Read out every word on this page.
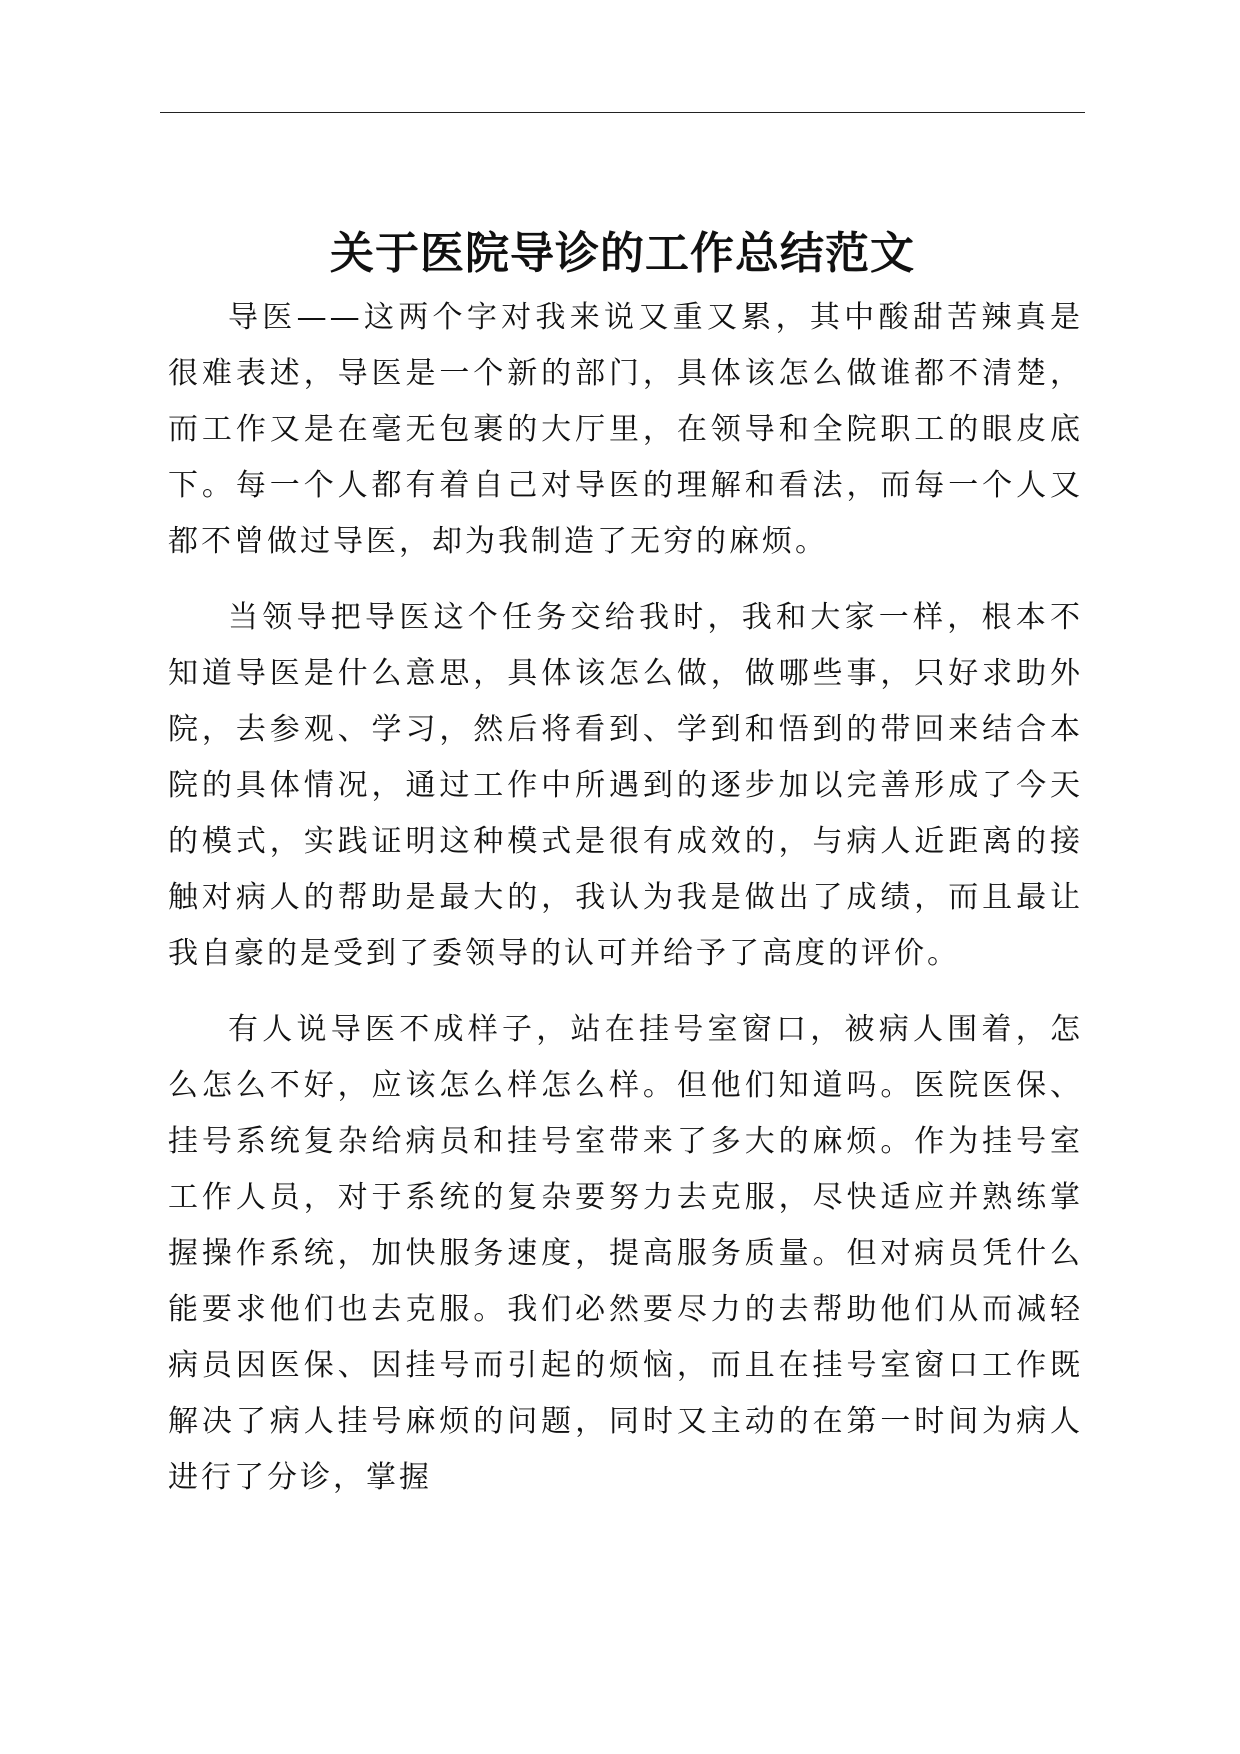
关于医院导诊的工作总结范文

导医——这两个字对我来说又重又累，其中酸甜苦辣真是很难表述，导医是一个新的部门，具体该怎么做谁都不清楚，而工作又是在毫无包裹的大厅里，在领导和全院职工的眼皮底下。每一个人都有着自己对导医的理解和看法，而每一个人又都不曾做过导医，却为我制造了无穷的麻烦。

当领导把导医这个任务交给我时，我和大家一样，根本不知道导医是什么意思，具体该怎么做，做哪些事，只好求助外院，去参观、学习，然后将看到、学到和悟到的带回来结合本院的具体情况，通过工作中所遇到的逐步加以完善形成了今天的模式，实践证明这种模式是很有成效的，与病人近距离的接触对病人的帮助是最大的，我认为我是做出了成绩，而且最让我自豪的是受到了委领导的认可并给予了高度的评价。

有人说导医不成样子，站在挂号室窗口，被病人围着，怎么怎么不好，应该怎么样怎么样。但他们知道吗。医院医保、挂号系统复杂给病员和挂号室带来了多大的麻烦。作为挂号室工作人员，对于系统的复杂要努力去克服，尽快适应并熟练掌握操作系统，加快服务速度，提高服务质量。但对病员凭什么能要求他们也去克服。我们必然要尽力的去帮助他们从而减轻病员因医保、因挂号而引起的烦恼，而且在挂号室窗口工作既解决了病人挂号麻烦的问题，同时又主动的在第一时间为病人进行了分诊，掌握
